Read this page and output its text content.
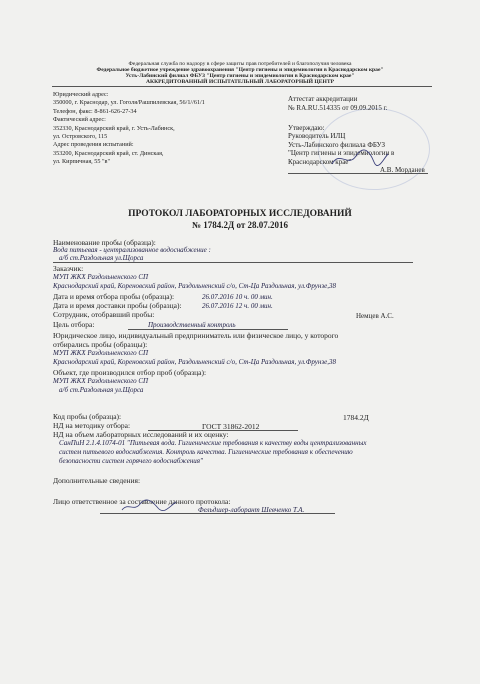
Федеральная служба по надзору в сфере защиты прав потребителей и благополучия человека
Федеральное бюджетное учреждение здравоохранения "Центр гигиены и эпидемиологии в Краснодарском крае"
Усть-Лабинский филиал ФБУЗ "Центр гигиены и эпидемиологии в Краснодарском крае"
АККРЕДИТОВАННЫЙ ИСПЫТАТЕЛЬНЫЙ ЛАБОРАТОРНЫЙ ЦЕНТР
Юридический адрес:
350000, г. Краснодар, ул. Гоголя/Рашпилевская, 56/1//61/1
Телефон, факс: 8-861-626-27-34
Фактический адрес:
352330, Краснодарский край, г. Усть-Лабинск,
ул. Островского, 115
Адрес проведения испытаний:
353200, Краснодарский край, ст. Динская,
ул. Кирпичная, 55 "в"
Аттестат аккредитации
№ RA.RU.514335 от 09.09.2015 г.
Утверждаю:
Руководитель ИЛЦ
Усть-Лабинского филиала ФБУЗ
"Центр гигиены и эпидемиологии в
Краснодарском крае"
А.В. Морданев
ПРОТОКОЛ ЛАБОРАТОРНЫХ ИССЛЕДОВАНИЙ
№ 1784.2Д от 28.07.2016
Наименование пробы (образца):
Вода питьевая - централизованное водоснабжение :
а/б ст.Раздольная ул.Щорса
Заказчик:
МУП ЖКХ Раздольненского СП
Краснодарский край, Кореновский район, Раздольненский с/о, Ст-Ца Раздольная, ул.Фрунзе,38
Дата и время отбора пробы (образца):	26.07.2016 10 ч. 00 мин.
Дата и время доставки пробы (образца):	26.07.2016 12 ч. 00 мин.
Сотрудник, отобравший пробы:	Немцев А.С.
Цель отбора:	Производственный контроль
Юридическое лицо, индивидуальный предприниматель или физическое лицо, у которого
отбирались пробы (образцы):
МУП ЖКХ Раздольненского СП
Краснодарский край, Кореновский район, Раздольненский с/о, Ст-Ца Раздольная, ул.Фрунзе,38
Объект, где производился отбор проб (образца):
МУП ЖКХ Раздольненского СП
а/б ст.Раздольная ул.Щорса
Код пробы (образца):	1784.2Д
НД на методику отбора:	ГОСТ 31862-2012
НД на объем лабораторных исследований и их оценку:
СанПиН 2.1.4.1074-01 "Питьевая вода. Гигиенические требования к качеству воды централизованных
систем питьевого водоснабжения. Контроль качества. Гигиенические требования к обеспечению
безопасности систем горячего водоснабжения"
Дополнительные сведения:
Лицо ответственное за составление данного протокола:
Фельдшер-лаборант Шевченко Т.А.
